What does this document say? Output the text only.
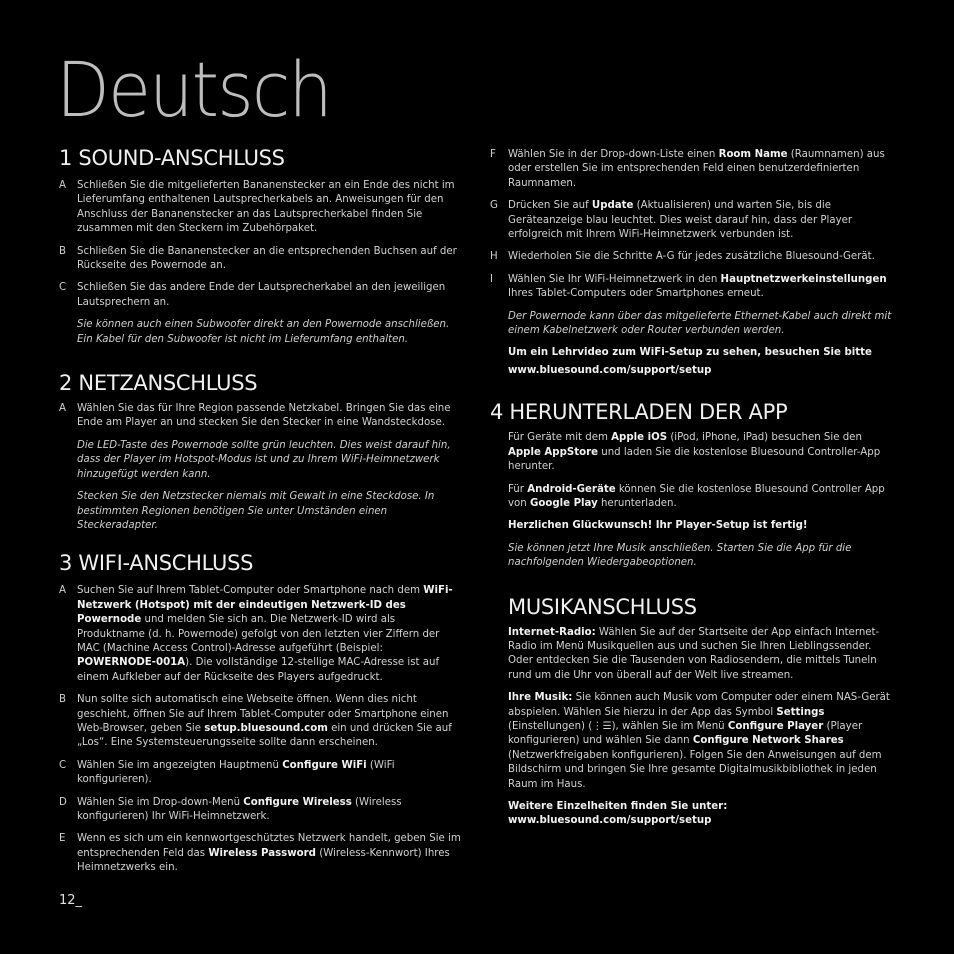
Deutsch
1 SOUND-ANSCHLUSS
A	Schließen Sie die mitgelieferten Bananenstecker an ein Ende des nicht im Lieferumfang enthaltenen Lautsprecherkabels an. Anweisungen für den Anschluss der Bananenstecker an das Lautsprecherkabel finden Sie zusammen mit den Steckern im Zubehörpaket.
B	Schließen Sie die Bananenstecker an die entsprechenden Buchsen auf der Rückseite des Powernode an.
C	Schließen Sie das andere Ende der Lautsprecherkabel an den jeweiligen Lautsprechern an.
Sie können auch einen Subwoofer direkt an den Powernode anschließen. Ein Kabel für den Subwoofer ist nicht im Lieferumfang enthalten.
2 NETZANSCHLUSS
A	Wählen Sie das für Ihre Region passende Netzkabel. Bringen Sie das eine Ende am Player an und stecken Sie den Stecker in eine Wandsteckdose.
Die LED-Taste des Powernode sollte grün leuchten. Dies weist darauf hin, dass der Player im Hotspot-Modus ist und zu Ihrem WiFi-Heimnetzwerk hinzugefügt werden kann.
Stecken Sie den Netzstecker niemals mit Gewalt in eine Steckdose. In bestimmten Regionen benötigen Sie unter Umständen einen Steckeradapter.
3 WIFI-ANSCHLUSS
A	Suchen Sie auf Ihrem Tablet-Computer oder Smartphone nach dem WiFi-Netzwerk (Hotspot) mit der eindeutigen Netzwerk-ID des Powernode und melden Sie sich an. Die Netzwerk-ID wird als Produktname (d. h. Powernode) gefolgt von den letzten vier Ziffern der MAC (Machine Access Control)-Adresse aufgeführt (Beispiel: POWERNODE-001A). Die vollständige 12-stellige MAC-Adresse ist auf einem Aufkleber auf der Rückseite des Players aufgedruckt.
B	Nun sollte sich automatisch eine Webseite öffnen. Wenn dies nicht geschieht, öffnen Sie auf Ihrem Tablet-Computer oder Smartphone einen Web-Browser, geben Sie setup.bluesound.com ein und drücken Sie auf „Los“. Eine Systemsteuerungsseite sollte dann erscheinen.
C	Wählen Sie im angezeigten Hauptmenü Configure WiFi (WiFi konfigurieren).
D Wählen Sie im Drop-down-Menü Configure Wireless (Wireless konfigurieren) Ihr WiFi-Heimnetzwerk.
E	Wenn es sich um ein kennwortgeschütztes Netzwerk handelt, geben Sie im entsprechenden Feld das Wireless Password (Wireless-Kennwort) Ihres Heimnetzwerks ein.
F	Wählen Sie in der Drop-down-Liste einen Room Name (Raumnamen) aus oder erstellen Sie im entsprechenden Feld einen benutzerdefinierten Raumnamen.
G Drücken Sie auf Update (Aktualisieren) und warten Sie, bis die Geräteanzeige blau leuchtet. Dies weist darauf hin, dass der Player erfolgreich mit Ihrem WiFi-Heimnetzwerk verbunden ist.
H	Wiederholen Sie die Schritte A-G für jedes zusätzliche Bluesound-Gerät.
I	Wählen Sie Ihr WiFi-Heimnetzwerk in den Hauptnetzwerkeinstellungen Ihres Tablet-Computers oder Smartphones erneut.
Der Powernode kann über das mitgelieferte Ethernet-Kabel auch direkt mit einem Kabelnetzwerk oder Router verbunden werden.
Um ein Lehrvideo zum WiFi-Setup zu sehen, besuchen Sie bitte
www.bluesound.com/support/setup
4 HERUNTERLADEN DER APP
Für Geräte mit dem Apple iOS (iPod, iPhone, iPad) besuchen Sie den Apple AppStore und laden Sie die kostenlose Bluesound Controller-App herunter.
Für Android-Geräte können Sie die kostenlose Bluesound Controller App von Google Play herunterladen.
Herzlichen Glückwunsch! Ihr Player-Setup ist fertig!
Sie können jetzt Ihre Musik anschließen. Starten Sie die App für die nachfolgenden Wiedergabeoptionen.
MUSIKANSCHLUSS
Internet-Radio: Wählen Sie auf der Startseite der App einfach Internet-Radio im Menü Musikquellen aus und suchen Sie Ihren Lieblingssender. Oder entdecken Sie die Tausenden von Radiosendern, die mittels Tuneln rund um die Uhr von überall auf der Welt live streamen.
Ihre Musik: Sie können auch Musik vom Computer oder einem NAS-Gerät abspielen. Wählen Sie hierzu in der App das Symbol Settings (Einstellungen) (⋮☰), wählen Sie im Menü Configure Player (Player konfigurieren) und wählen Sie dann Configure Network Shares (Netzwerkfreigaben konfigurieren). Folgen Sie den Anweisungen auf dem Bildschirm und bringen Sie Ihre gesamte Digitalmusikbibliothek in jeden Raum im Haus.
Weitere Einzelheiten finden Sie unter:
www.bluesound.com/support/setup
12_
